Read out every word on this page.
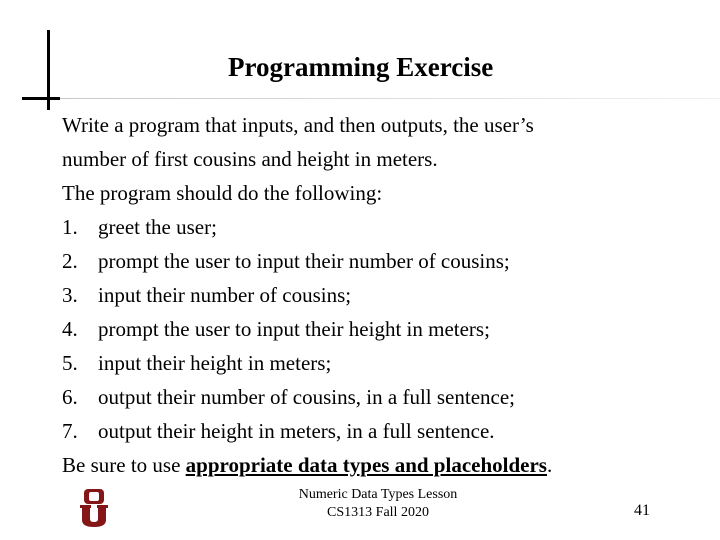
Programming Exercise
Write a program that inputs, and then outputs, the user’s
number of first cousins and height in meters.
The program should do the following:
1. greet the user;
2. prompt the user to input their number of cousins;
3. input their number of cousins;
4. prompt the user to input their height in meters;
5. input their height in meters;
6. output their number of cousins, in a full sentence;
7. output their height in meters, in a full sentence.
Be sure to use appropriate data types and placeholders.
Numeric Data Types Lesson
CS1313 Fall 2020	41
